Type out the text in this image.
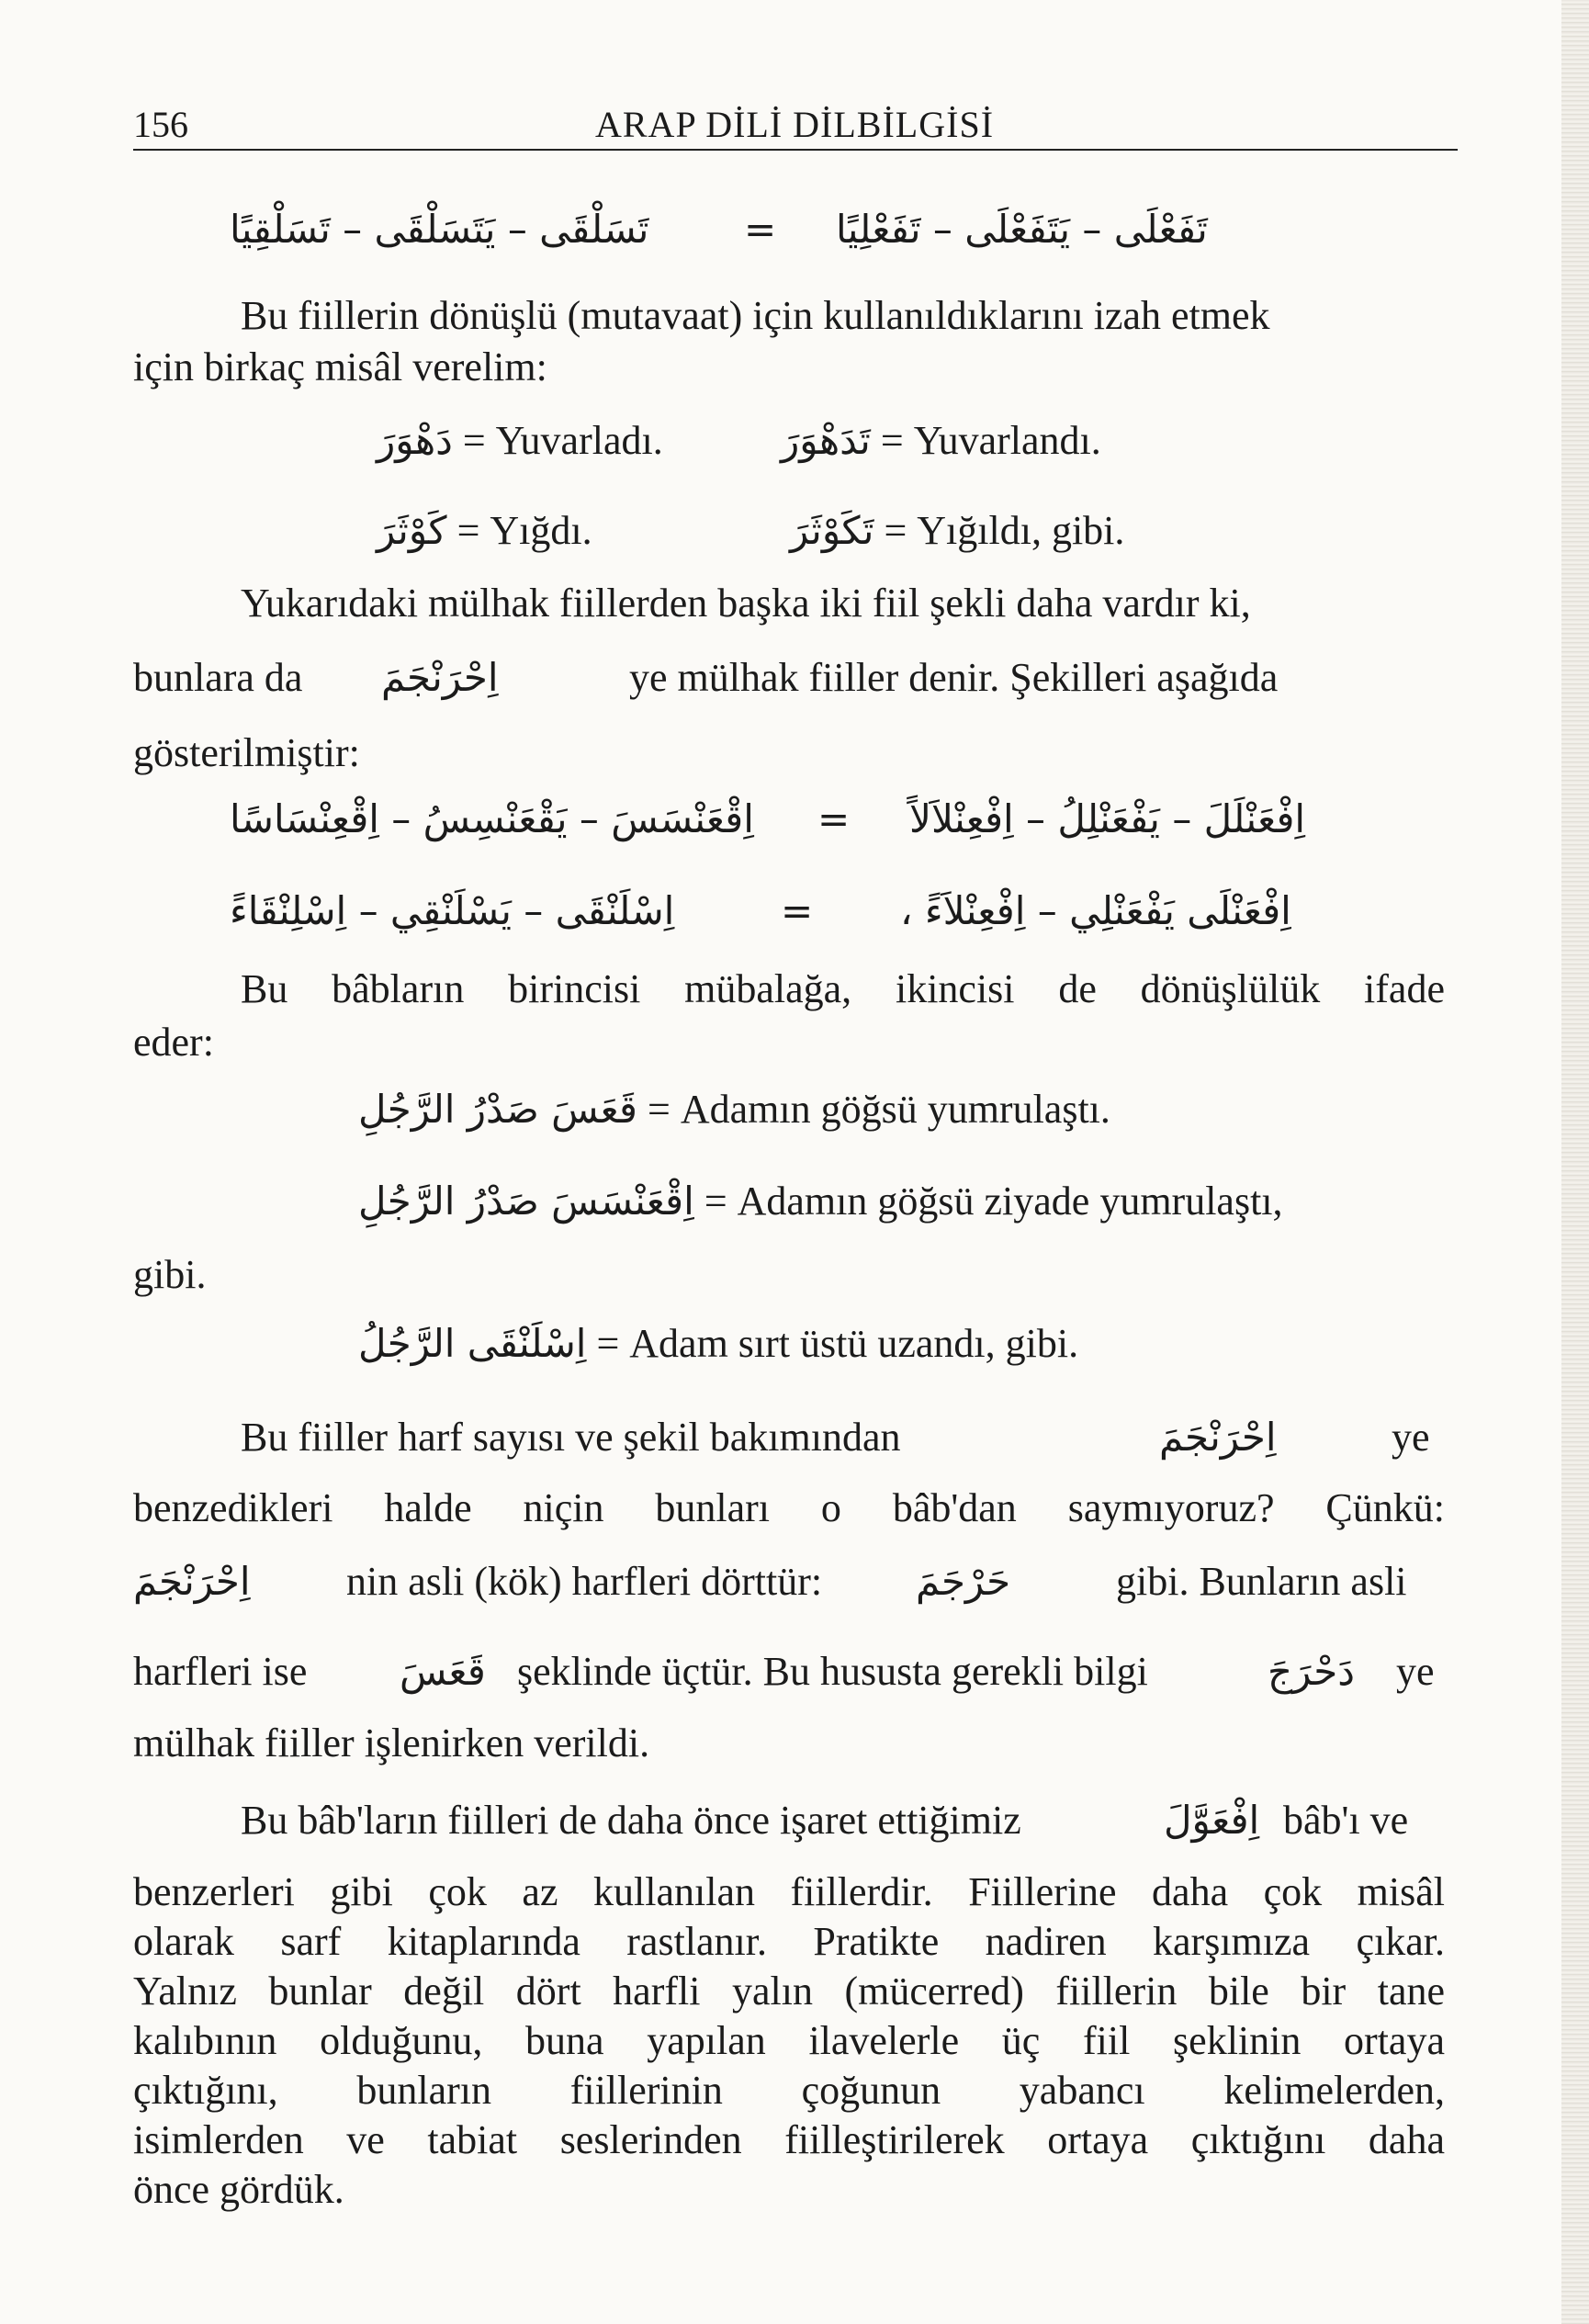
156	ARAP DİLİ DİLBİLGİSİ
تَسَلْقَى – يَتَسَلْقَى – تَسَلْقِيًا = تَفَعْلَى – يَتَفَعْلَى – تَفَعْلِيًا
Bu fiillerin dönüşlü (mutavaat) için kullanıldıklarını izah etmek
için birkaç misâl verelim:
دَهْوَرَ = Yuvarladı.	تَدَهْوَرَ = Yuvarlandı.
كَوْثَرَ = Yığdı.	تَكَوْثَرَ = Yığıldı, gibi.
Yukarıdaki mülhak fiillerden başka iki fiil şekli daha vardır ki,
bunlara da اِحْرَنْجَمَ	ye mülhak fiiller denir. Şekilleri aşağıda
gösterilmiştir:
اِقْعَنْسَسَ – يَقْعَنْسِسُ – اِقْعِنْسَاسًا = اِفْعَنْلَلَ – يَفْعَنْلِلُ – اِفْعِنْلاَلاً
اِسْلَنْقَى – يَسْلَنْقِي – اِسْلِنْقَاءً	= اِفْعَنْلَى يَفْعَنْلِي – اِفْعِنْلاَءً ،
Bu bâbların birincisi mübalağa, ikincisi de dönüşlülük ifade
eder:
قَعَسَ صَدْرُ الرَّجُلِ = Adamın göğsü yumrulaştı.
اِقْعَنْسَسَ صَدْرُ الرَّجُلِ = Adamın göğsü ziyade yumrulaştı,
gibi.
اِسْلَنْقَى الرَّجُلُ = Adam sırt üstü uzandı, gibi.
Bu fiiller harf sayısı ve şekil bakımından	اِحْرَنْجَمَ	ye
benzedikleri halde niçin bunları o bâb'dan saymıyoruz? Çünkü:
اِحْرَنْجَمَ nin asli (kök) harfleri dörttür: حَرْجَمَ	gibi. Bunların asli
harfleri ise قَعَسَ şeklinde üçtür. Bu hususta gerekli bilgi	دَحْرَجَ ye
mülhak fiiller işlenirken verildi.
Bu bâb'ların fiilleri de daha önce işaret ettiğimiz	اِفْعَوَّلَ bâb'ı ve
benzerleri gibi çok az kullanılan fiillerdir. Fiillerine daha çok misâl
olarak sarf kitaplarında rastlanır. Pratikte nadiren karşımıza çıkar.
Yalnız bunlar değil dört harfli yalın (mücerred) fiillerin bile bir tane
kalıbının olduğunu, buna yapılan ilavelerle üç fiil şeklinin ortaya
çıktığını, bunların fiillerinin çoğunun yabancı kelimelerden,
isimlerden ve tabiat seslerinden fiilleştirilerek ortaya çıktığını daha
önce gördük.
